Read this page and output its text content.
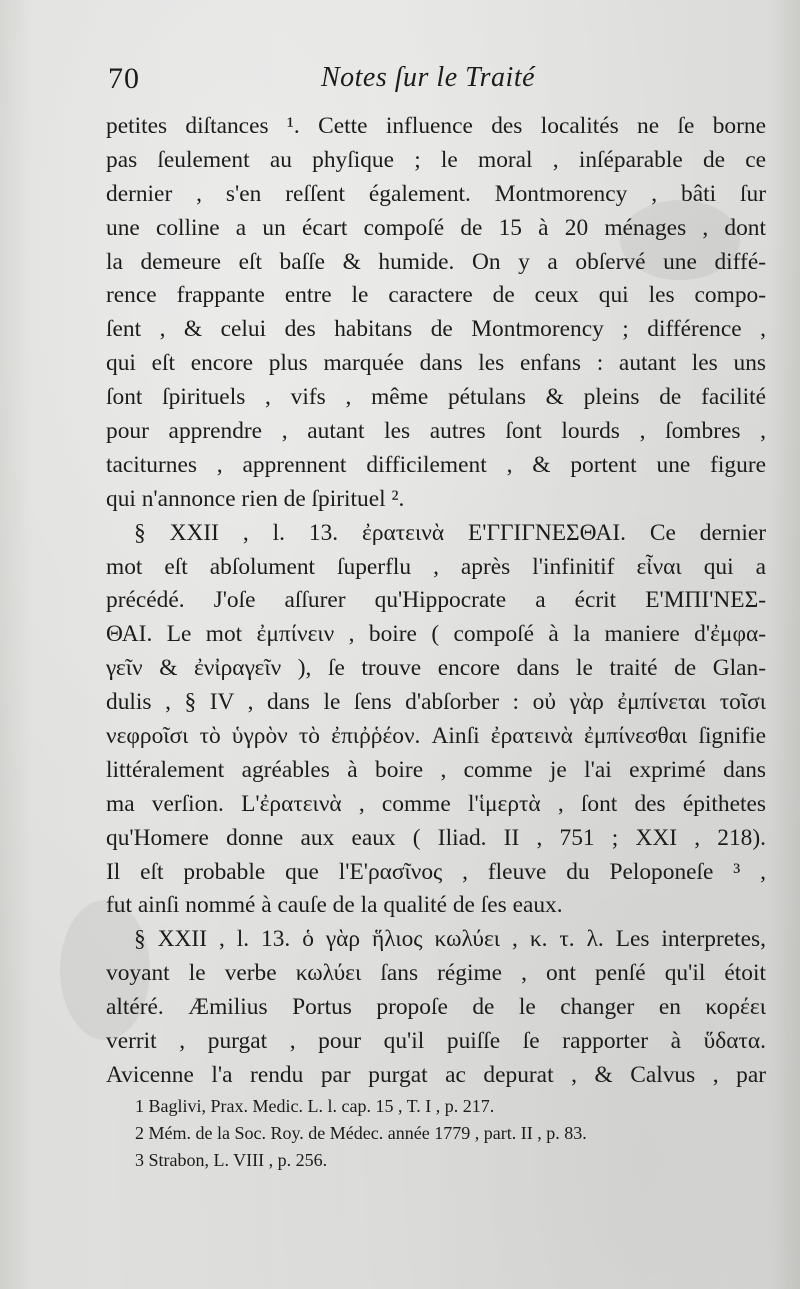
70	Notes ſur le Traité
petites diſtances ¹. Cette influence des localités ne ſe borne
pas ſeulement au phyſique ; le moral , inſéparable de ce
dernier , s'en reſſent également. Montmorency , bâti ſur
une colline a un écart compoſé de 15 à 20 ménages , dont
la demeure eſt baſſe & humide. On y a obſervé une diffé-
rence frappante entre le caractere de ceux qui les compo-
ſent , & celui des habitans de Montmorency ; différence ,
qui eſt encore plus marquée dans les enfans : autant les uns
ſont ſpirituels , vifs , même pétulans & pleins de facilité
pour apprendre , autant les autres ſont lourds , ſombres ,
taciturnes , apprennent difficilement , & portent une figure
qui n'annonce rien de ſpirituel ².
§ XXII , l. 13. ἐρατεινὰ Ε'ΓΓΙΓΝΕΣΘΑΙ. Ce dernier
mot eſt abſolument ſuperflu , après l'infinitif εἶναι qui a
précédé. J'oſe aſſurer qu'Hippocrate a écrit Ε'ΜΠΙ'ΝΕΣ-
ΘΑΙ. Le mot ἐμπίνειν , boire ( compoſé à la maniere d'ἐμφα-
γεῖν & ἐνἰραγεῖν ), ſe trouve encore dans le traité de Glan-
dulis , § IV , dans le ſens d'abſorber : οὐ γὰρ ἐμπίνεται τοῖσι
νεφροῖσι τὸ ὑγρὸν τὸ ἐπιῤῥέον. Ainſi ἐρατεινὰ ἐμπίνεσθαι ſignifie
littéralement agréables à boire , comme je l'ai exprimé dans
ma verſion. L'ἐρατεινὰ , comme l'ἱμερτὰ , ſont des épithetes
qu'Homere donne aux eaux ( Iliad. II , 751 ; XXI , 218).
Il eſt probable que l'Ε'ρασῖνος , fleuve du Peloponeſe ³ ,
fut ainſi nommé à cauſe de la qualité de ſes eaux.
§ XXII , l. 13. ὁ γὰρ ἥλιος κωλύει , κ. τ. λ. Les interpretes,
voyant le verbe κωλύει ſans régime , ont penſé qu'il étoit
altéré. Æmilius Portus propoſe de le changer en κορέει
verrit , purgat , pour qu'il puiſſe ſe rapporter à ὕδατα.
Avicenne l'a rendu par purgat ac depurat , & Calvus , par
1 Baglivi, Prax. Medic. L. l. cap. 15 , T. I , p. 217.
2 Mém. de la Soc. Roy. de Médec. année 1779 , part. II , p. 83.
3 Strabon, L. VIII , p. 256.
